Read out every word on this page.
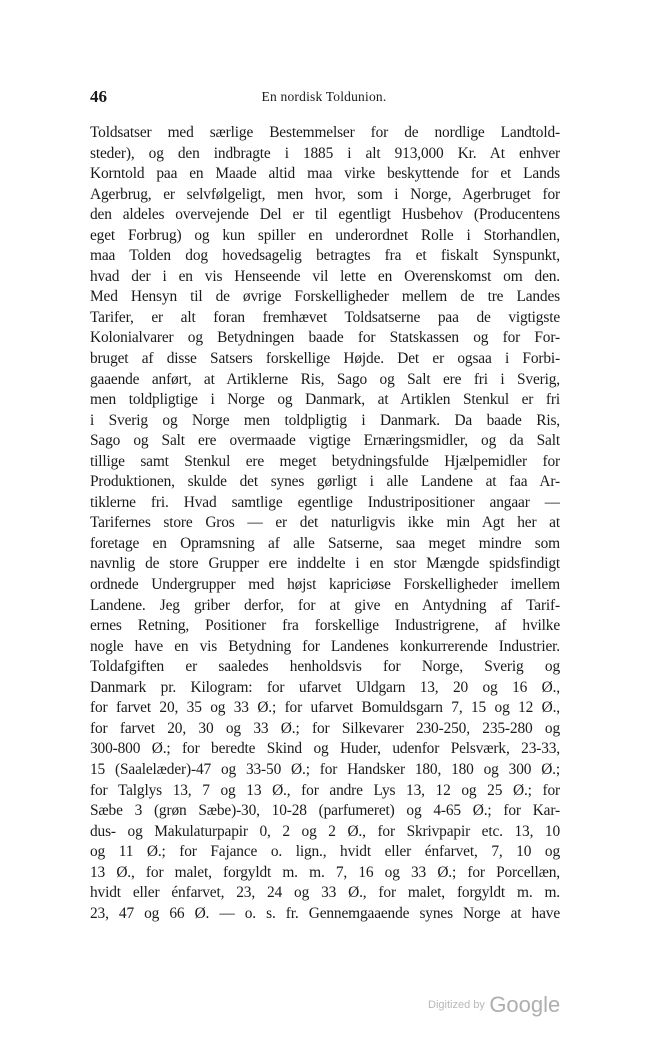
46	En nordisk Toldunion.
Toldsatser med særlige Bestemmelser for de nordlige Landtold-
steder), og den indbragte i 1885 i alt 913,000 Kr. At enhver
Korntold paa en Maade altid maa virke beskyttende for et Lands
Agerbrug, er selvfølgeligt, men hvor, som i Norge, Agerbruget for
den aldeles overvejende Del er til egentligt Husbehov (Producentens
eget Forbrug) og kun spiller en underordnet Rolle i Storhandlen,
maa Tolden dog hovedsagelig betragtes fra et fiskalt Synspunkt,
hvad der i en vis Henseende vil lette en Overenskomst om den.
Med Hensyn til de øvrige Forskelligheder mellem de tre Landes
Tarifer, er alt foran fremhævet Toldsatserne paa de vigtigste
Kolonialvarer og Betydningen baade for Statskassen og for For-
bruget af disse Satsers forskellige Højde. Det er ogsaa i Forbi-
gaaende anført, at Artiklerne Ris, Sago og Salt ere fri i Sverig,
men toldpligtige i Norge og Danmark, at Artiklen Stenkul er fri
i Sverig og Norge men toldpligtig i Danmark. Da baade Ris,
Sago og Salt ere overmaade vigtige Ernæringsmidler, og da Salt
tillige samt Stenkul ere meget betydningsfulde Hjælpemidler for
Produktionen, skulde det synes gørligt i alle Landene at faa Ar-
tiklerne fri. Hvad samtlige egentlige Industripositioner angaar —
Tarifernes store Gros — er det naturligvis ikke min Agt her at
foretage en Opramsning af alle Satserne, saa meget mindre som
navnlig de store Grupper ere inddelte i en stor Mængde spidsfindigt
ordnede Undergrupper med højst kapriciøse Forskelligheder imellem
Landene. Jeg griber derfor, for at give en Antydning af Tarif-
ernes Retning, Positioner fra forskellige Industrigrene, af hvilke
nogle have en vis Betydning for Landenes konkurrerende Industrier.
Toldafgiften er saaledes henholdsvis for Norge, Sverig og
Danmark pr. Kilogram: for ufarvet Uldgarn 13, 20 og 16 Ø.,
for farvet 20, 35 og 33 Ø.; for ufarvet Bomuldsgarn 7, 15 og 12 Ø.,
for farvet 20, 30 og 33 Ø.; for Silkevarer 230-250, 235-280 og
300-800 Ø.; for beredte Skind og Huder, udenfor Pelsværk, 23-33,
15 (Saalelæder)-47 og 33-50 Ø.; for Handsker 180, 180 og 300 Ø.;
for Talglys 13, 7 og 13 Ø., for andre Lys 13, 12 og 25 Ø.; for
Sæbe 3 (grøn Sæbe)-30, 10-28 (parfumeret) og 4-65 Ø.; for Kar-
dus- og Makulaturpapir 0, 2 og 2 Ø., for Skrivpapir etc. 13, 10
og 11 Ø.; for Fajance o. lign., hvidt eller énfarvet, 7, 10 og
13 Ø., for malet, forgyldt m. m. 7, 16 og 33 Ø.; for Porcellæn,
hvidt eller énfarvet, 23, 24 og 33 Ø., for malet, forgyldt m. m.
23, 47 og 66 Ø. — o. s. fr. Gennemgaaende synes Norge at have
Digitized by Google
